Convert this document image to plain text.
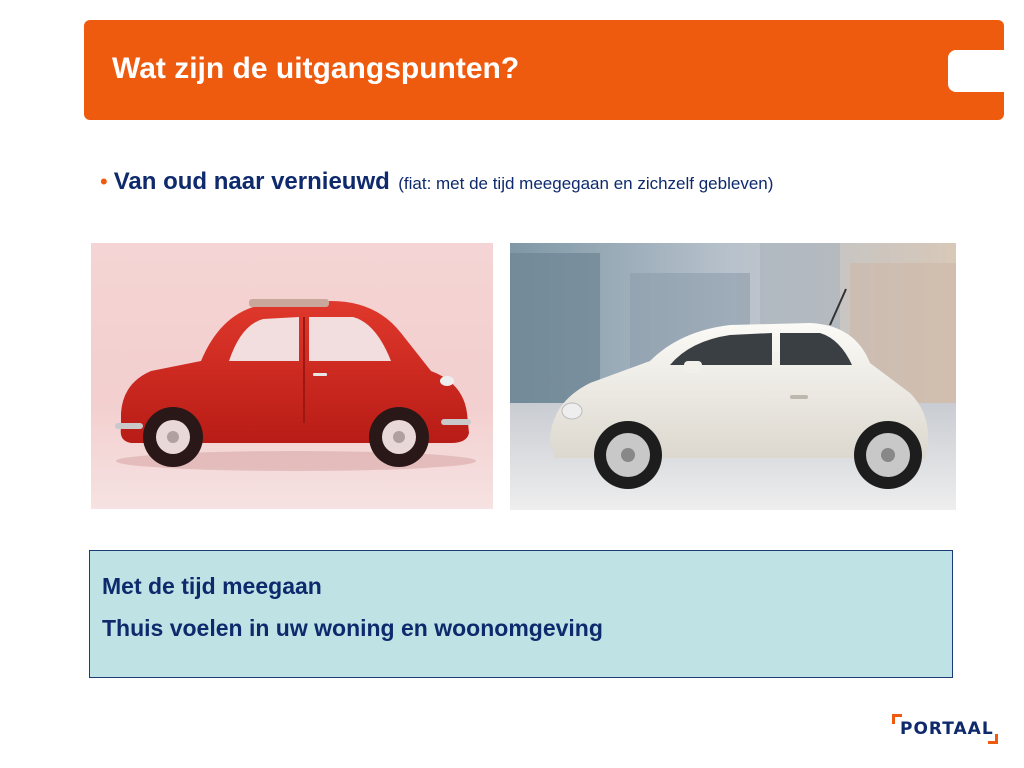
Wat zijn de uitgangspunten?
• Van oud naar vernieuwd (fiat: met de tijd meegegaan en zichzelf gebleven)
Met de tijd meegaan
Thuis voelen in uw woning en woonomgeving
PORTAAL
